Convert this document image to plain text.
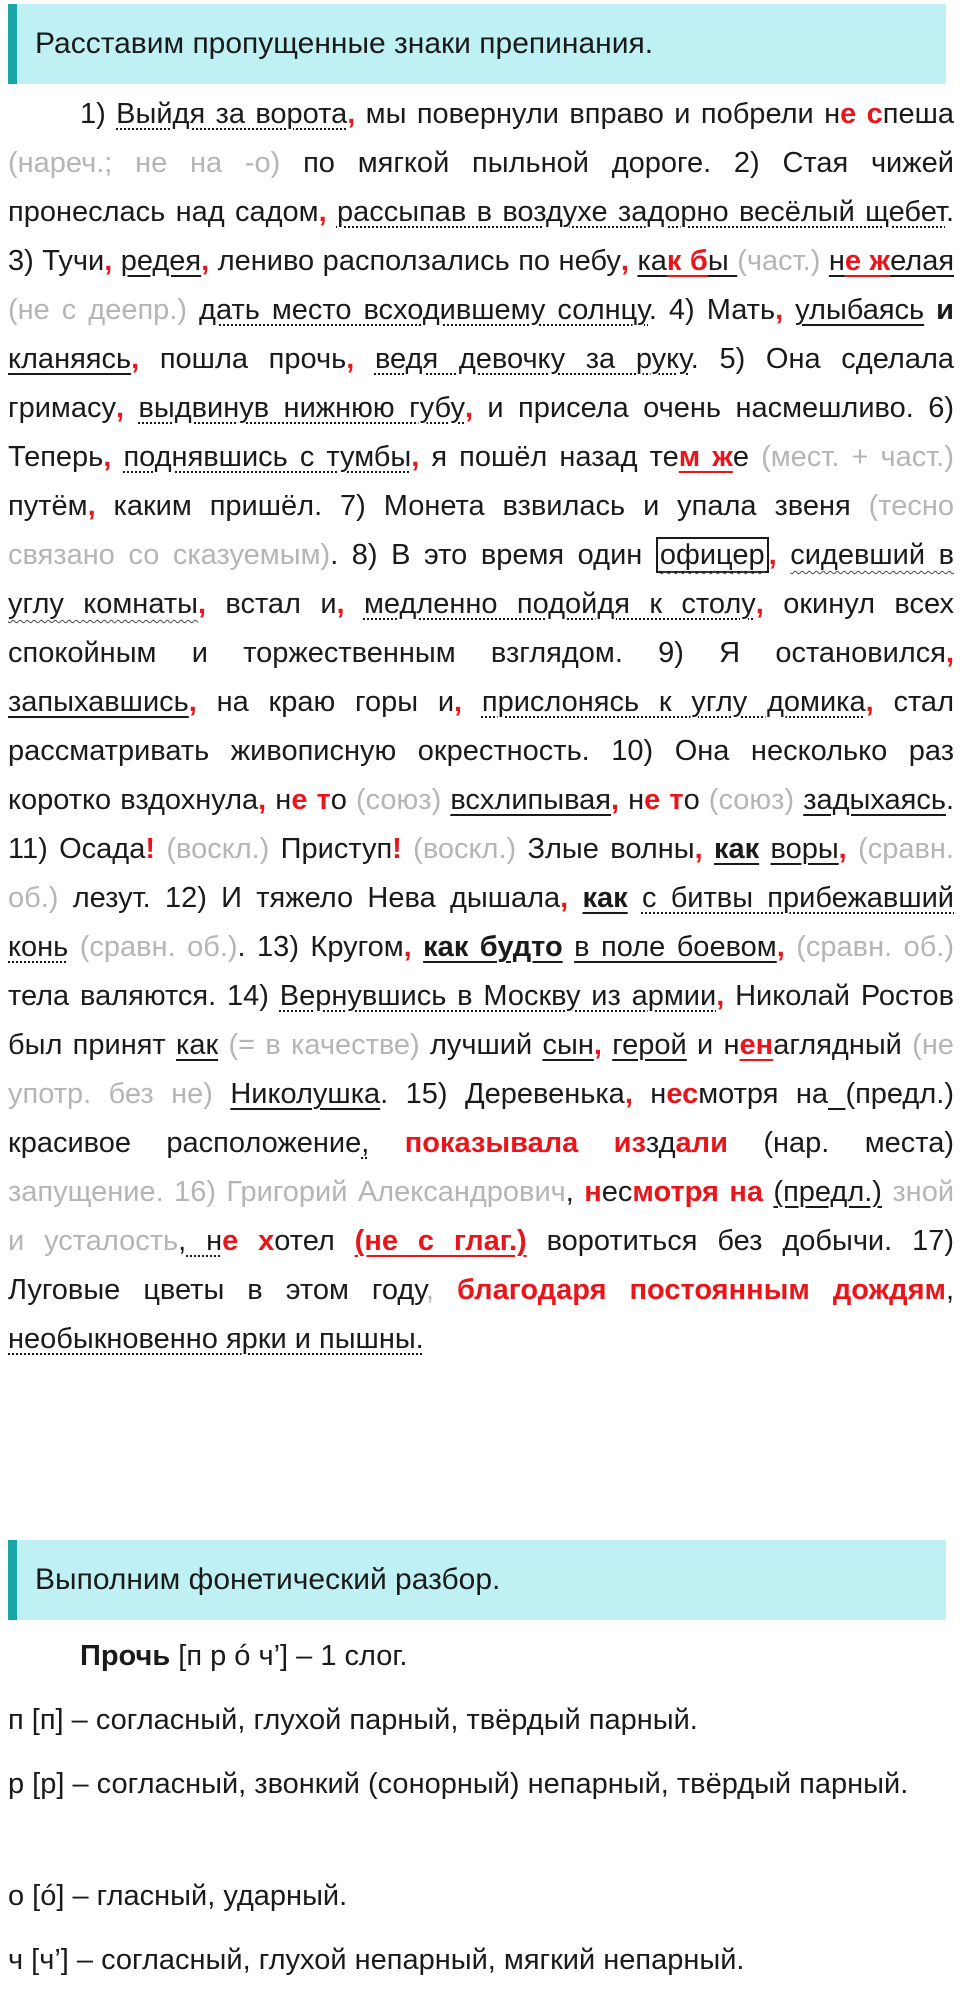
Расставим пропущенные знаки препинания.
1) Выйдя за ворота, мы повернули вправо и побрели не спеша (нареч.; не на -о) по мягкой пыльной дороге. 2) Стая чижей пронеслась над садом, рассыпав в воздухе задорно весёлый щебет. 3) Тучи, редея, лениво расползались по небу, как бы (част.) не желая (не с деепр.) дать место всходившему солнцу. 4) Мать, улыбаясь и кланяясь, пошла прочь, ведя девочку за руку. 5) Она сделала гримасу, выдвинув нижнюю губу, и присела очень насмешливо. 6) Теперь, поднявшись с тумбы, я пошёл назад тем же (мест. + част.) путём, каким пришёл. 7) Монета взвилась и упала звеня (тесно связано со сказуемым). 8) В это время один офицер , сидевший в углу комнаты, встал и, медленно подойдя к столу, окинул всех спокойным и торжественным взглядом. 9) Я остановился, запыхавшись, на краю горы и, прислонясь к углу домика, стал рассматривать живописную окрестность. 10) Она несколько раз коротко вздохнула, не то (союз) всхлипывая, не то (союз) задыхаясь. 11) Осада! (воскл.) Приступ! (воскл.) Злые волны, как воры, (сравн. об.) лезут. 12) И тяжело Нева дышала, как с битвы прибежавший конь (сравн. об.). 13) Кругом, как будто в поле боевом, (сравн. об.) тела валяются. 14) Вернувшись в Москву из армии, Николай Ростов был принят как (= в качестве) лучший сын, герой и ненаглядный (не употр. без не) Николушка. 15) Деревенька, несмотря на (предл.) красивое расположение, показывала изздали (нар. места) запущение. 16) Григорий Александрович, несмотря на (предл.) зной и усталость, не хотел (не с глаг.) воротиться без добычи. 17) Луговые цветы в этом году, благодаря постоянным дождям, необыкновенно ярки и пышны.
Выполним фонетический разбор.
Прочь [п р ó ч’] – 1 слог.
п [п] – согласный, глухой парный, твёрдый парный.
р [р] – согласный, звонкий (сонорный) непарный, твёрдый парный.
о [ó] – гласный, ударный.
ч [ч’] – согласный, глухой непарный, мягкий непарный.
